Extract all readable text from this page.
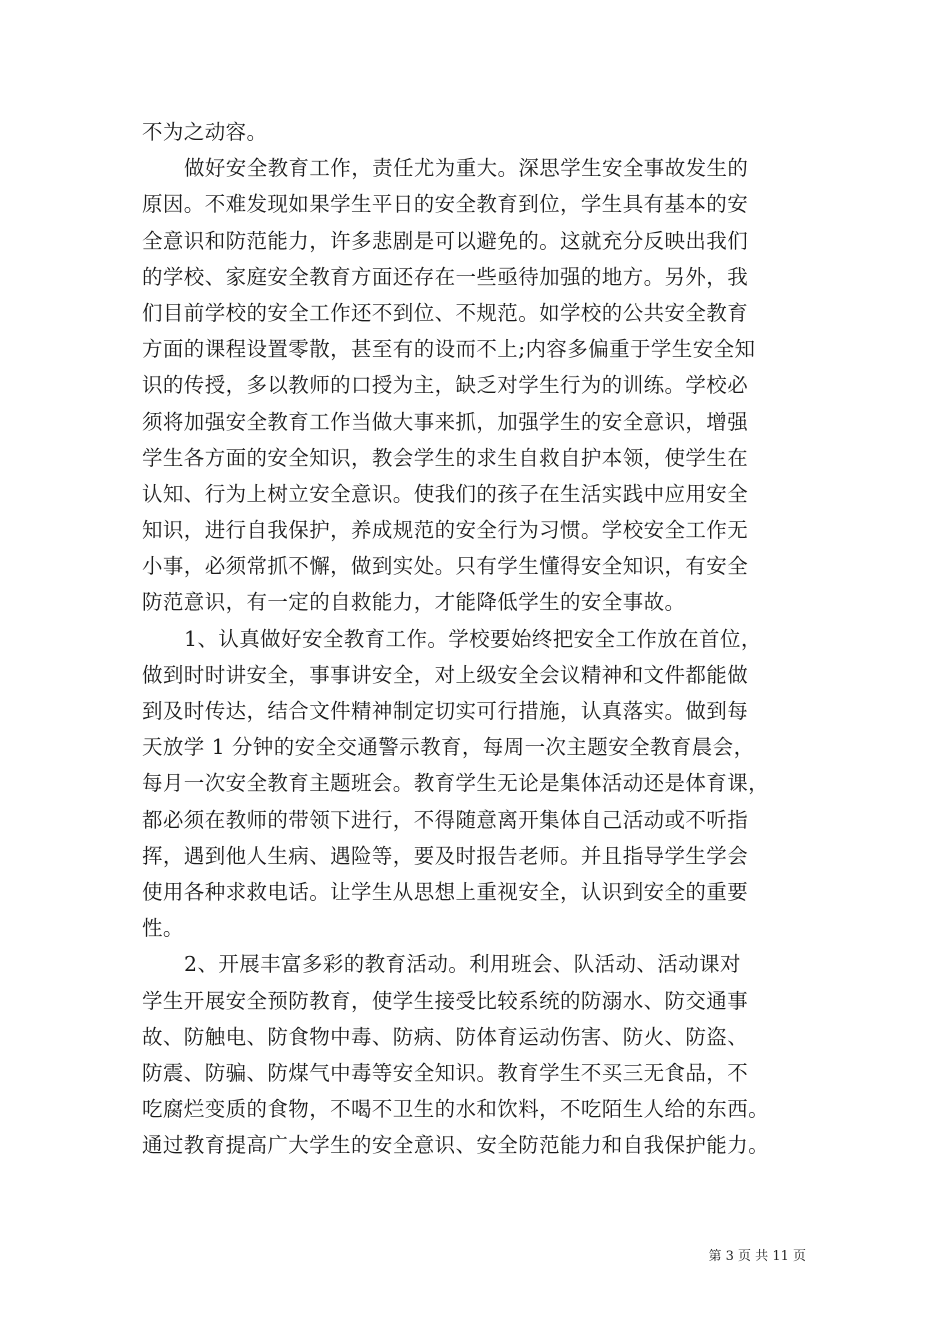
不为之动容。
做好安全教育工作，责任尤为重大。深思学生安全事故发生的
原因。不难发现如果学生平日的安全教育到位，学生具有基本的安
全意识和防范能力，许多悲剧是可以避免的。这就充分反映出我们
的学校、家庭安全教育方面还存在一些亟待加强的地方。另外，我
们目前学校的安全工作还不到位、不规范。如学校的公共安全教育
方面的课程设置零散，甚至有的设而不上;内容多偏重于学生安全知
识的传授，多以教师的口授为主，缺乏对学生行为的训练。学校必
须将加强安全教育工作当做大事来抓，加强学生的安全意识，增强
学生各方面的安全知识，教会学生的求生自救自护本领，使学生在
认知、行为上树立安全意识。使我们的孩子在生活实践中应用安全
知识，进行自我保护，养成规范的安全行为习惯。学校安全工作无
小事，必须常抓不懈，做到实处。只有学生懂得安全知识，有安全
防范意识，有一定的自救能力，才能降低学生的安全事故。
1、认真做好安全教育工作。学校要始终把安全工作放在首位，
做到时时讲安全，事事讲安全，对上级安全会议精神和文件都能做
到及时传达，结合文件精神制定切实可行措施，认真落实。做到每
天放学 1 分钟的安全交通警示教育，每周一次主题安全教育晨会，
每月一次安全教育主题班会。教育学生无论是集体活动还是体育课，
都必须在教师的带领下进行，不得随意离开集体自己活动或不听指
挥，遇到他人生病、遇险等，要及时报告老师。并且指导学生学会
使用各种求救电话。让学生从思想上重视安全，认识到安全的重要
性。
2、开展丰富多彩的教育活动。利用班会、队活动、活动课对
学生开展安全预防教育，使学生接受比较系统的防溺水、防交通事
故、防触电、防食物中毒、防病、防体育运动伤害、防火、防盗、
防震、防骗、防煤气中毒等安全知识。教育学生不买三无食品，不
吃腐烂变质的食物，不喝不卫生的水和饮料，不吃陌生人给的东西。
通过教育提高广大学生的安全意识、安全防范能力和自我保护能力。
第 3 页 共 11 页
